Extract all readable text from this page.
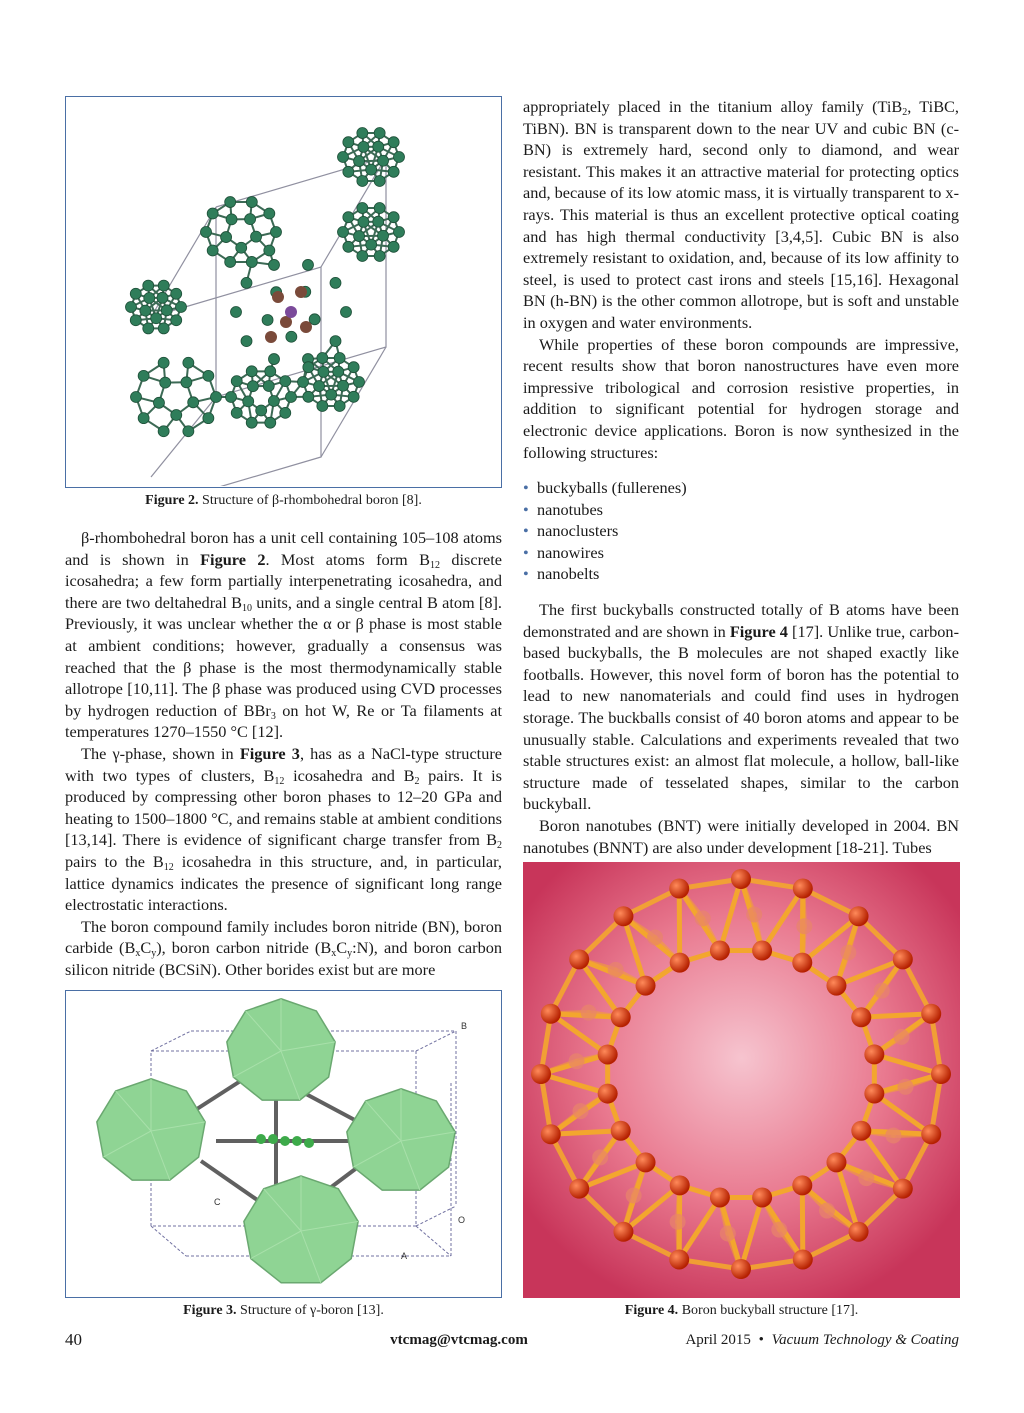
Figure 2. Structure of β-rhombohedral boron [8].

β-rhombohedral boron has a unit cell containing 105–108 atoms and is shown in Figure 2. Most atoms form $B_{12}$ discrete icosahedra; a few form partially interpenetrating icosahedra, and there are two deltahedral $B_{10}$ units, and a single central B atom [8]. Previously, it was unclear whether the α or β phase is most stable at ambient conditions; however, gradually a consensus was reached that the β phase is the most thermodynamically stable allotrope [10,11]. The β phase was produced using CVD processes by hydrogen reduction of BBr$_3$ on hot W, Re or Ta filaments at temperatures 1270–1550 °C [12].

The γ-phase, shown in Figure 3, has as a NaCl-type structure with two types of clusters, $B_{12}$ icosahedra and $B_2$ pairs. It is produced by compressing other boron phases to 12–20 GPa and heating to 1500–1800 °C, and remains stable at ambient conditions [13,14]. There is evidence of significant charge transfer from $B_2$ pairs to the $B_{12}$ icosahedra in this structure, and, in particular, lattice dynamics indicates the presence of significant long range electrostatic interactions.

The boron compound family includes boron nitride (BN), boron carbide $(B_xC_y)$, boron carbon nitride $(B_xC_y:N)$, and boron carbon silicon nitride (BCSiN). Other borides exist but are more

B
C
A
O
Figure 3. Structure of γ-boron [13].

appropriately placed in the titanium alloy family (TiB$_2$, TiBC, TiBN). BN is transparent down to the near UV and cubic BN (c-BN) is extremely hard, second only to diamond, and wear resistant. This makes it an attractive material for protecting optics and, because of its low atomic mass, it is virtually transparent to x-rays. This material is thus an excellent protective optical coating and has high thermal conductivity [3,4,5]. Cubic BN is also extremely resistant to oxidation, and, because of its low affinity to steel, is used to protect cast irons and steels [15,16]. Hexagonal BN (h-BN) is the other common allotrope, but is soft and unstable in oxygen and water environments.

While properties of these boron compounds are impressive, recent results show that boron nanostructures have even more impressive tribological and corrosion resistive properties, in addition to significant potential for hydrogen storage and electronic device applications. Boron is now synthesized in the following structures:

• buckyballs (fullerenes)
• nanotubes
• nanoclusters
• nanowires
• nanobelts

The first buckyballs constructed totally of B atoms have been demonstrated and are shown in Figure 4 [17]. Unlike true, carbon-based buckyballs, the B molecules are not shaped exactly like footballs. However, this novel form of boron has the potential to lead to new nanomaterials and could find uses in hydrogen storage. The buckballs consist of 40 boron atoms and appear to be unusually stable. Calculations and experiments revealed that two stable structures exist: an almost flat molecule, a hollow, ball-like structure made of tesselated shapes, similar to the carbon buckyball.

Boron nanotubes (BNT) were initially developed in 2004. BN nanotubes (BNNT) are also under development [18-21]. Tubes

Figure 4. Boron buckyball structure [17].
40	vtcmag@vtcmag.com	April 2015 • Vacuum Technology & Coating
